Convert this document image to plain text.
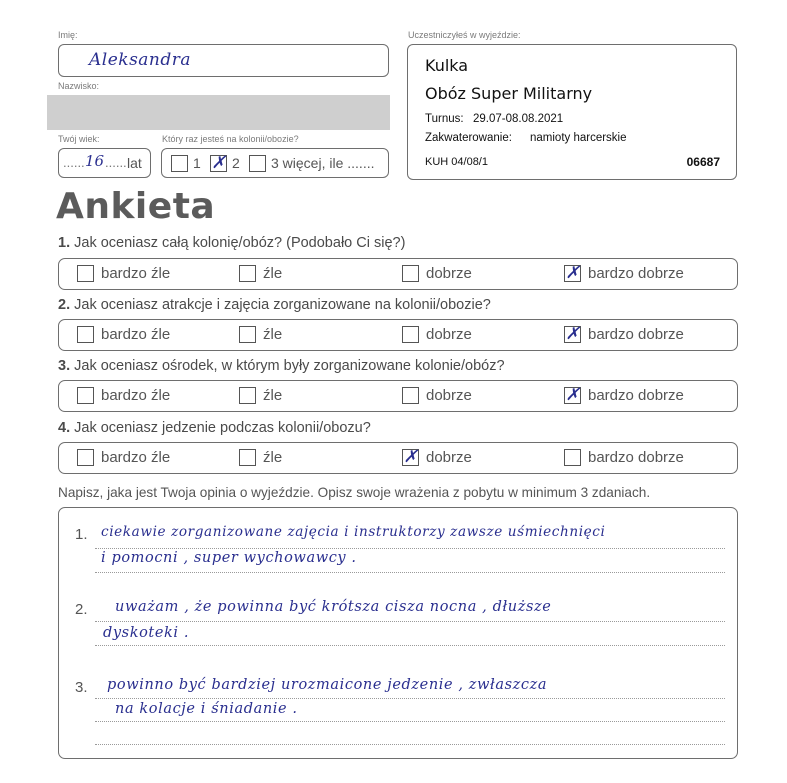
Imię:
Aleksandra
Nazwisko:
Twój wiek:
...... 16 ...... lat
Który raz jesteś na kolonii/obozie?
1 ✗ 2 3 więcej, ile .......
Uczestniczyłeś w wyjeździe:
Kulka
Obóz Super Militarny
Turnus: 29.07-08.08.2021
Zakwaterowanie: namioty harcerskie
KUH 04/08/1	06687
Ankieta
1. Jak oceniasz całą kolonię/obóz? (Podobało Ci się?)
bardzo źle	źle	dobrze	✗ bardzo dobrze
2. Jak oceniasz atrakcje i zajęcia zorganizowane na kolonii/obozie?
bardzo źle	źle	dobrze	✗ bardzo dobrze
3. Jak oceniasz ośrodek, w którym były zorganizowane kolonie/obóz?
bardzo źle	źle	dobrze	✗ bardzo dobrze
4. Jak oceniasz jedzenie podczas kolonii/obozu?
bardzo źle	źle	✗ dobrze	bardzo dobrze
Napisz, jaka jest Twoja opinia o wyjeździe. Opisz swoje wrażenia z pobytu w minimum 3 zdaniach.
1. ciekawie zorganizowane zajęcia i instruktorzy zawsze uśmiechnięci
i pomocni , super wychowawcy .
2. uważam , że powinna być krótsza cisza nocna , dłuższe
dyskoteki .
3. powinno być bardziej urozmaicone jedzenie , zwłaszcza
na kolacje i śniadanie .
